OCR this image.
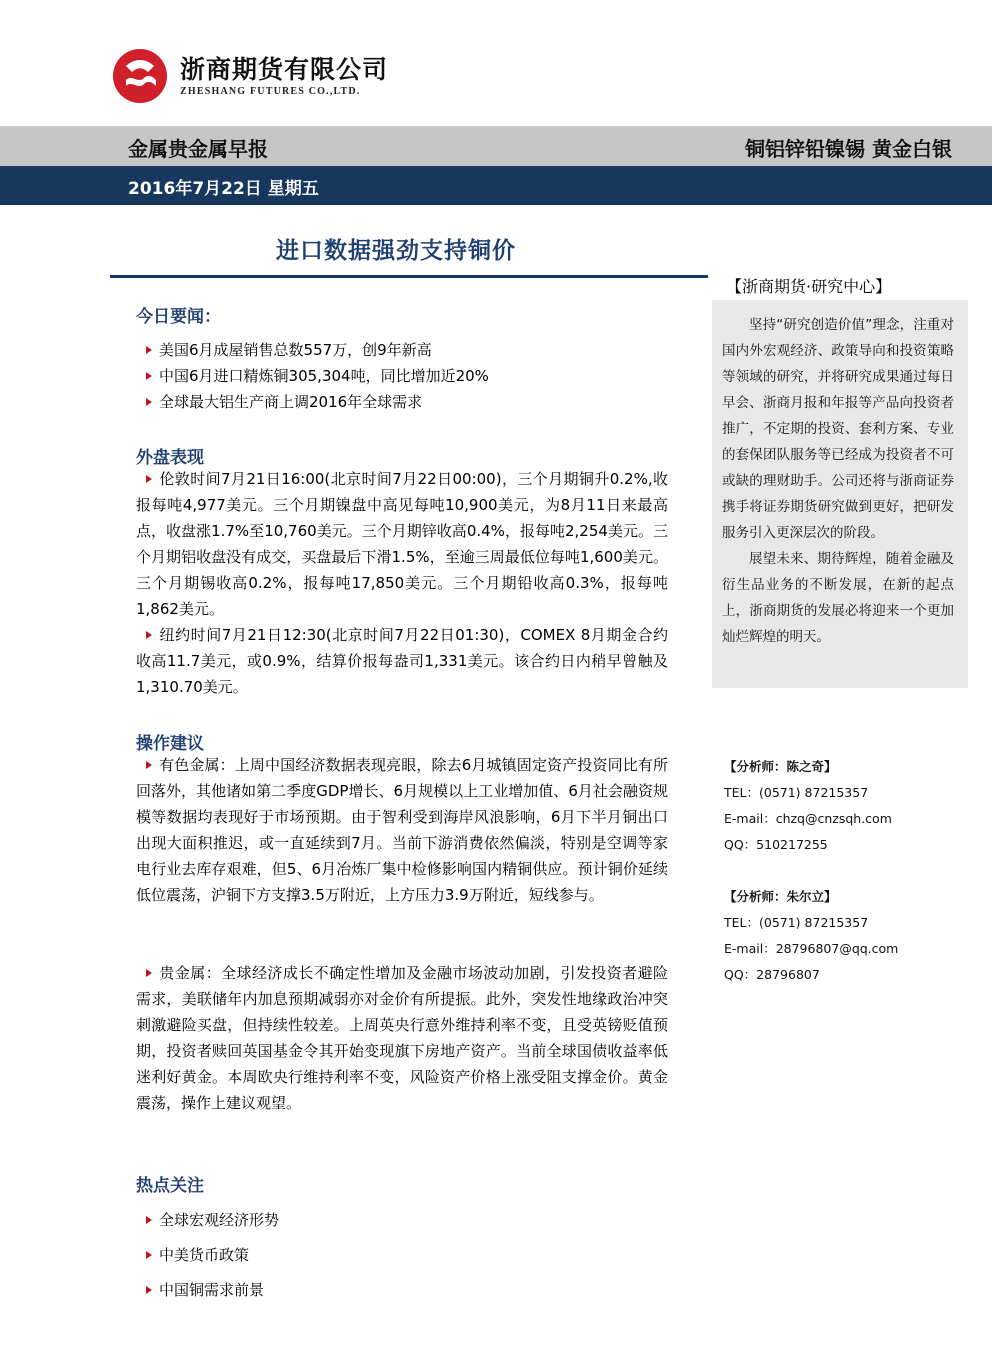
浙商期货有限公司
ZHESHANG FUTURES CO.,LTD.
金属贵金属早报	铜铝锌铅镍锡 黄金白银
2016年7月22日 星期五
进口数据强劲支持铜价
【浙商期货·研究中心】

坚持“研究创造价值”理念，注重对国内外宏观经济、政策导向和投资策略等领域的研究，并将研究成果通过每日早会、浙商月报和年报等产品向投资者推广，不定期的投资、套利方案、专业的套保团队服务等已经成为投资者不可或缺的理财助手。公司还将与浙商证券携手将证券期货研究做到更好，把研发服务引入更深层次的阶段。

展望未来、期待辉煌，随着金融及衍生品业务的不断发展，在新的起点上，浙商期货的发展必将迎来一个更加灿烂辉煌的明天。

【分析师：陈之奇】
TEL：(0571) 87215357
E-mail：chzq@cnzsqh.com
QQ：510217255
【分析师：朱尔立】
TEL：(0571) 87215357
E-mail：28796807@qq.com
QQ：28796807
今日要闻：
美国6月成屋销售总数557万，创9年新高
中国6月进口精炼铜305,304吨，同比增加近20%
全球最大铝生产商上调2016年全球需求
外盘表现

伦敦时间7月21日16:00(北京时间7月22日00:00)，三个月期铜升0.2%,收报每吨4,977美元。三个月期镍盘中高见每吨10,900美元，为8月11日来最高点，收盘涨1.7%至10,760美元。三个月期锌收高0.4%，报每吨2,254美元。三个月期铝收盘没有成交，买盘最后下滑1.5%，至逾三周最低位每吨1,600美元。三个月期锡收高0.2%，报每吨17,850美元。三个月期铅收高0.3%，报每吨1,862美元。

纽约时间7月21日12:30(北京时间7月22日01:30)，COMEX 8月期金合约收高11.7美元，或0.9%，结算价报每盎司1,331美元。该合约日内稍早曾触及1,310.70美元。

操作建议

有色金属：上周中国经济数据表现亮眼，除去6月城镇固定资产投资同比有所回落外，其他诸如第二季度GDP增长、6月规模以上工业增加值、6月社会融资规模等数据均表现好于市场预期。由于智利受到海岸风浪影响，6月下半月铜出口出现大面积推迟，或一直延续到7月。当前下游消费依然偏淡，特别是空调等家电行业去库存艰难，但5、6月冶炼厂集中检修影响国内精铜供应。预计铜价延续低位震荡，沪铜下方支撑3.5万附近，上方压力3.9万附近，短线参与。

贵金属：全球经济成长不确定性增加及金融市场波动加剧，引发投资者避险需求，美联储年内加息预期减弱亦对金价有所提振。此外，突发性地缘政治冲突刺激避险买盘，但持续性较差。上周英央行意外维持利率不变，且受英镑贬值预期，投资者赎回英国基金令其开始变现旗下房地产资产。当前全球国债收益率低迷利好黄金。本周欧央行维持利率不变，风险资产价格上涨受阻支撑金价。黄金震荡，操作上建议观望。

热点关注
全球宏观经济形势
中美货币政策
中国铜需求前景
